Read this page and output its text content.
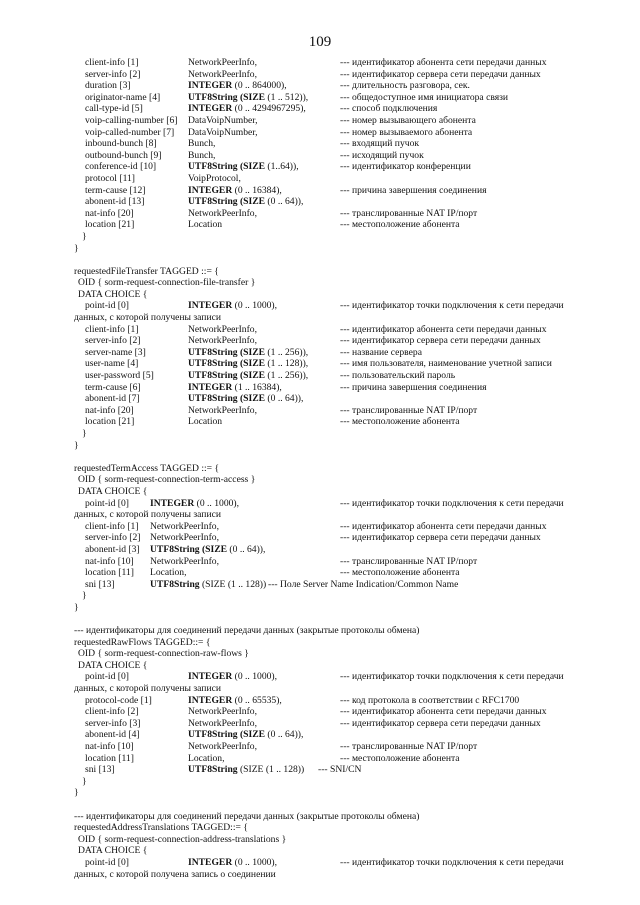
109
client-info [1]	NetworkPeerInfo,	--- идентификатор абонента сети передачи данных
server-info [2]	NetworkPeerInfo,	--- идентификатор сервера сети передачи данных
duration [3]	INTEGER (0 .. 864000),	--- длительность разговора, сек.
originator-name [4]	UTF8String (SIZE (1 .. 512)),	--- общедоступное имя инициатора связи
call-type-id [5]	INTEGER (0 .. 4294967295),	--- способ подключения
voip-calling-number [6] DataVoipNumber,	--- номер вызывающего абонента
voip-called-number [7] DataVoipNumber,	--- номер вызываемого абонента
inbound-bunch [8]	Bunch,	--- входящий пучок
outbound-bunch [9]	Bunch,	--- исходящий пучок
conference-id [10]	UTF8String (SIZE (1..64)),	--- идентификатор конференции
protocol [11]	VoipProtocol,
term-cause [12]	INTEGER (0 .. 16384),	--- причина завершения соединения
abonent-id [13]	UTF8String (SIZE (0 .. 64)),
nat-info [20]	NetworkPeerInfo,	--- транслированные NAT IP/порт
location [21]	Location	--- местоположение абонента
}
}
requestedFileTransfer TAGGED ::= {
OID { sorm-request-connection-file-transfer }
DATA CHOICE {
point-id [0]	INTEGER (0 .. 1000),	--- идентификатор точки подключения к сети передачи
данных, с которой получены записи
client-info [1]	NetworkPeerInfo,	--- идентификатор абонента сети передачи данных
server-info [2]	NetworkPeerInfo,	--- идентификатор сервера сети передачи данных
server-name [3]	UTF8String (SIZE (1 .. 256)),	--- название сервера
user-name [4]	UTF8String (SIZE (1 .. 128)),	--- имя пользователя, наименование учетной записи
user-password [5]	UTF8String (SIZE (1 .. 256)),	--- пользовательский пароль
term-cause [6]	INTEGER (1 .. 16384),	--- причина завершения соединения
abonent-id [7]	UTF8String (SIZE (0 .. 64)),
nat-info [20]	NetworkPeerInfo,	--- транслированные NAT IP/порт
location [21]	Location	--- местоположение абонента
}
}
requestedTermAccess TAGGED ::= {
OID { sorm-request-connection-term-access }
DATA CHOICE {
point-id [0] INTEGER (0 .. 1000),	--- идентификатор точки подключения к сети передачи
данных, с которой получены записи
client-info [1] NetworkPeerInfo,	--- идентификатор абонента сети передачи данных
server-info [2] NetworkPeerInfo,	--- идентификатор сервера сети передачи данных
abonent-id [3] UTF8String (SIZE (0 .. 64)),
nat-info [10] NetworkPeerInfo,	--- транслированные NAT IP/порт
location [11] Location,	--- местоположение абонента
sni [13]	UTF8String (SIZE (1 .. 128)) --- Поле Server Name Indication/Common Name
}
}
--- идентификаторы для соединений передачи данных (закрытые протоколы обмена)
requestedRawFlows TAGGED::= {
OID { sorm-request-connection-raw-flows }
DATA CHOICE {
point-id [0]	INTEGER (0 .. 1000),	--- идентификатор точки подключения к сети передачи
данных, с которой получены записи
protocol-code [1]	INTEGER (0 .. 65535),	--- код протокола в соответствии с RFC1700
client-info [2]	NetworkPeerInfo,	--- идентификатор абонента сети передачи данных
server-info [3]	NetworkPeerInfo,	--- идентификатор сервера сети передачи данных
abonent-id [4]	UTF8String (SIZE (0 .. 64)),
nat-info [10]	NetworkPeerInfo,	--- транслированные NAT IP/порт
location [11]	Location,	--- местоположение абонента
sni [13]	UTF8String (SIZE (1 .. 128)) --- SNI/CN
}
}
--- идентификаторы для соединений передачи данных (закрытые протоколы обмена)
requestedAddressTranslations TAGGED::= {
OID { sorm-request-connection-address-translations }
DATA CHOICE {
point-id [0]	INTEGER (0 .. 1000),	--- идентификатор точки подключения к сети передачи
данных, с которой получена запись о соединении
